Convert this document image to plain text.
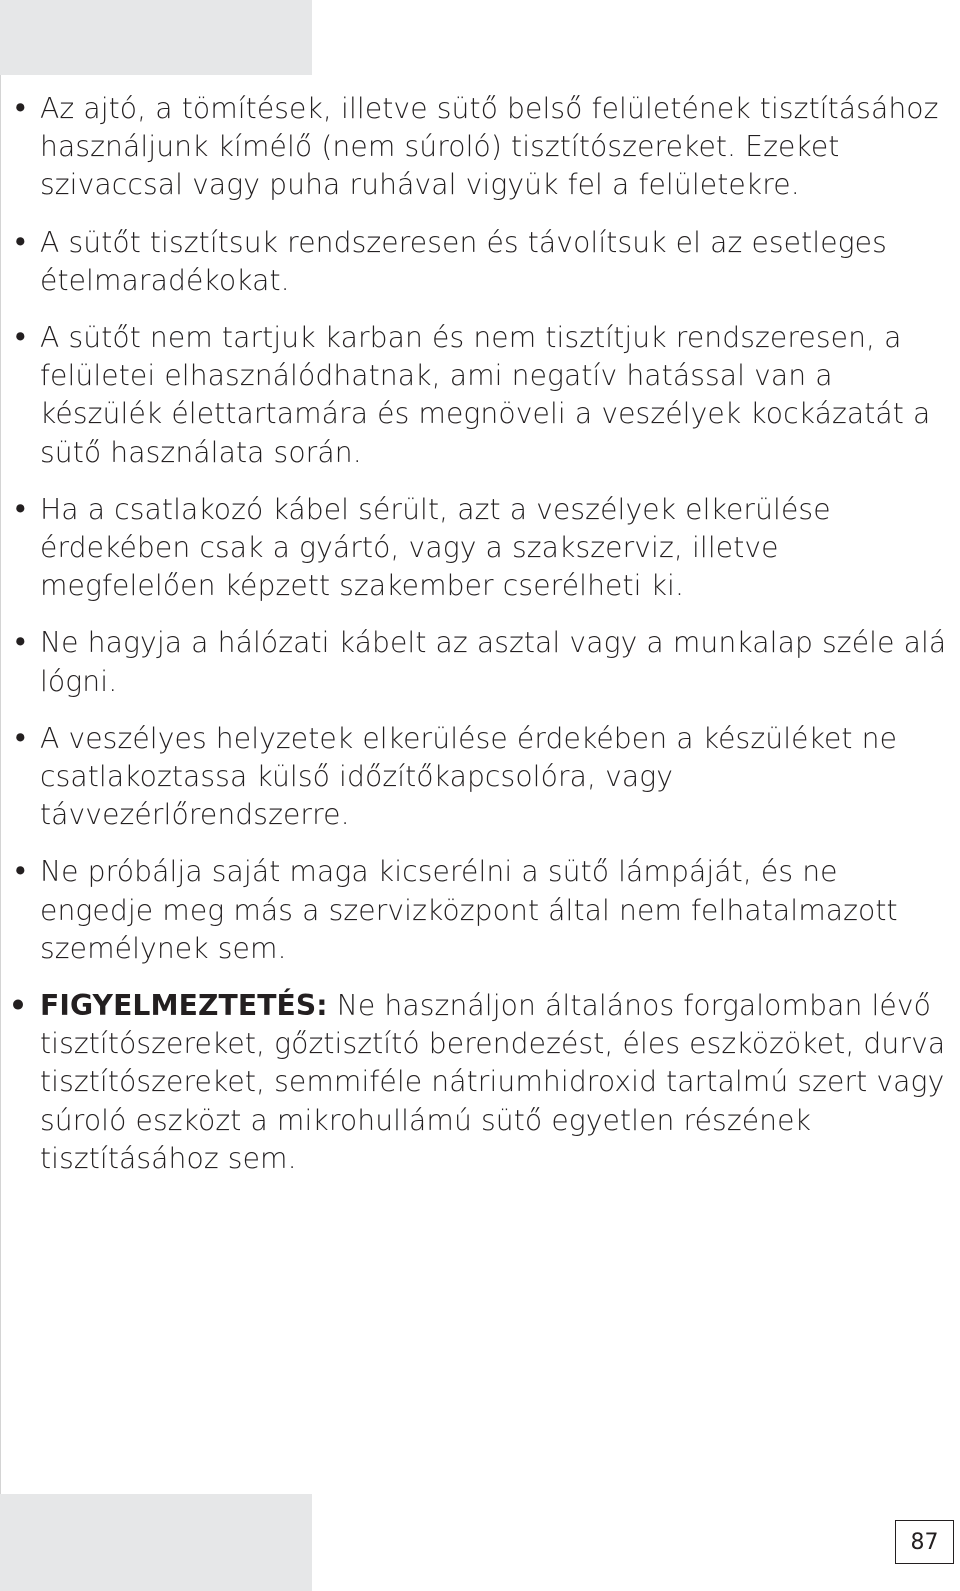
• Az ajtó, a tömítések, illetve sütő belső felületének tisztításához használjunk kímélő (nem súroló) tisztítószereket. Ezeket szivaccsal vagy puha ruhával vigyük fel a felületekre.
• A sütőt tisztítsuk rendszeresen és távolítsuk el az esetleges ételmaradékokat.
• A sütőt nem tartjuk karban és nem tisztítjuk rendszeresen, a felületei elhasználódhatnak, ami negatív hatással van a készülék élettartamára és megnöveli a veszélyek kockázatát a sütő használata során.
• Ha a csatlakozó kábel sérült, azt a veszélyek elkerülése érdekében csak a gyártó, vagy a szakszerviz, illetve megfelelően képzett szakember cserélheti ki.
• Ne hagyja a hálózati kábelt az asztal vagy a munkalap széle alá lógni.
• A veszélyes helyzetek elkerülése érdekében a készüléket ne csatlakoztassa külső időzítőkapcsolóra, vagy távvezérlőrendszerre.
• Ne próbálja saját maga kicserélni a sütő lámpáját, és ne engedje meg más a szervizközpont által nem felhatalmazott személynek sem.
• FIGYELMEZTETÉS: Ne használjon általános forgalomban lévő tisztítószereket, gőztisztító berendezést, éles eszközöket, durva tisztítószereket, semmiféle nátriumhidroxid tartalmú szert vagy súroló eszközt a mikrohullámú sütő egyetlen részének tisztításához sem.
87
